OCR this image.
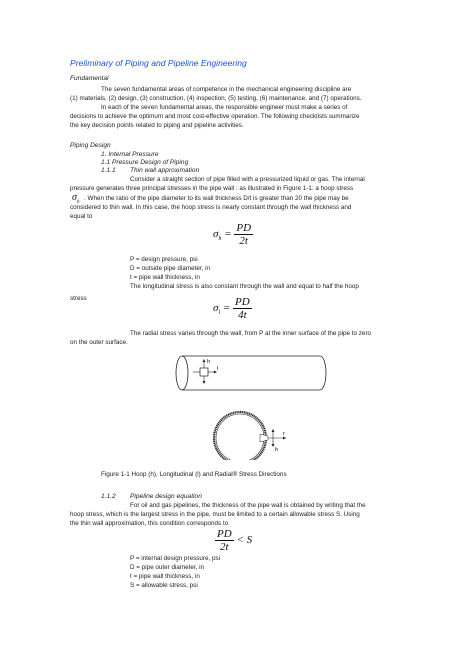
Preliminary of Piping and Pipeline Engineering
Fundamental
The seven fundamental areas of competence in the mechanical engineering discipline are
(1) materials, (2) design, (3) construction, (4) inspection, (5) testing, (6) maintenance, and (7) operations.
In each of the seven fundamental areas, the responsible engineer must make a series of
decisions to achieve the optimum and most cost-effective operation. The following checklists summarize
the key decision points related to piping and pipeline activities.
Piping Design
1. Internal Pressure
1.1 Pressure Design of Piping
1.1.1 Thin wall approximation
Consider a straight section of pipe filled with a pressurized liquid or gas. The internal
pressure generates three principal stresses in the pipe wall : as illustrated in Figure 1-1: a hoop stress
$\sigma_h$
. When the ratio of the pipe diameter to its wall thickness D/t is greater than 20 the pipe may be
considered to thin wall. In this case, the hoop stress is nearly constant through the wall thickness and
equal to
$\sigma_h = \frac{PD}{2t}$
P = design pressure, psi
D = outside pipe diameter, in
t = pipe wall thickness, in
The longitudinal stress is also constant through the wall and equal to half the hoop
stress
$\sigma_l = \frac{PD}{4t}$
The radial stress varies through the wall, from P at the inner surface of the pipe to zero
on the outer surface.
h
l
r
h
Figure 1-1 Hoop (h), Longitudinal (l) and Radial® Stress Directions
1.1.2 Pipeline design equation
For oil and gas pipelines, the thickness of the pipe wall is obtained by writing that the
hoop stress, which is the largest stress in the pipe, must be limited to a certain allowable stress S. Using
the thin wall approximation, this condition corresponds to
$\frac{PD}{2t} < S$
P = internal design pressure, psi
D = pipe outer diameter, in
t = pipe wall thickness, in
S = allowable stress, psi
